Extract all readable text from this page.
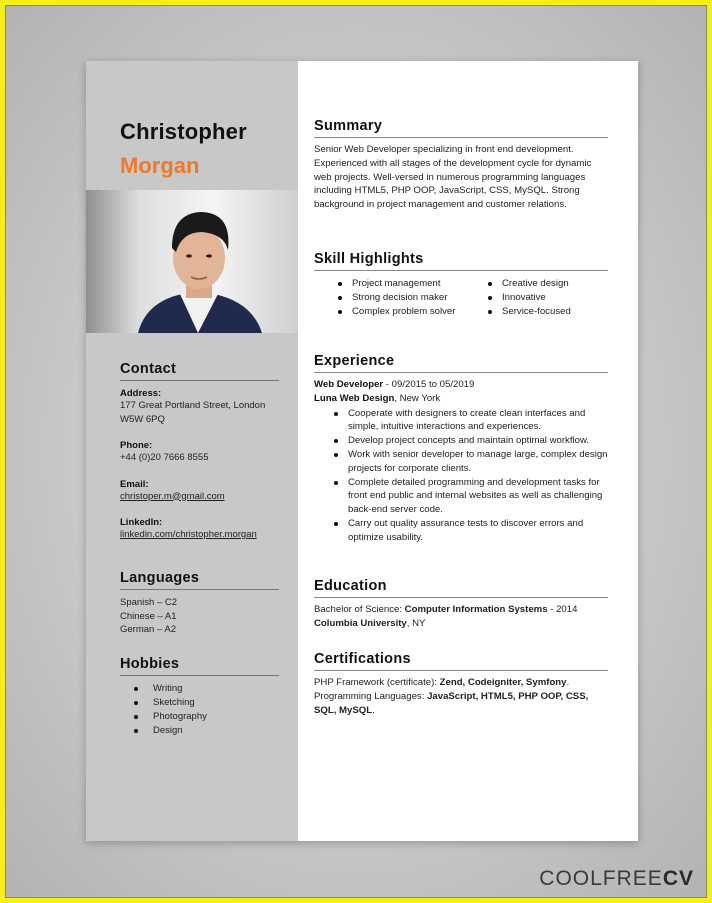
Christopher
Morgan
Contact
Address:
177 Great Portland Street, London
W5W 6PQ
Phone:
+44 (0)20 7666 8555
Email:
christoper.m@gmail.com
LinkedIn:
linkedin.com/christopher.morgan
Languages
Spanish – C2
Chinese – A1
German – A2
Hobbies
Writing
Sketching
Photography
Design
Summary
Senior Web Developer specializing in front end development. Experienced with all stages of the development cycle for dynamic web projects. Well-versed in numerous programming languages including HTML5, PHP OOP, JavaScript, CSS, MySQL. Strong background in project management and customer relations.
Skill Highlights
Project management
Strong decision maker
Complex problem solver
Creative design
Innovative
Service-focused
Experience
Web Developer - 09/2015 to 05/2019
Luna Web Design, New York
Cooperate with designers to create clean interfaces and simple, intuitive interactions and experiences.
Develop project concepts and maintain optimal workflow.
Work with senior developer to manage large, complex design projects for corporate clients.
Complete detailed programming and development tasks for front end public and internal websites as well as challenging back-end server code.
Carry out quality assurance tests to discover errors and optimize usability.
Education
Bachelor of Science: Computer Information Systems - 2014
Columbia University, NY
Certifications
PHP Framework (certificate): Zend, Codeigniter, Symfony.
Programming Languages: JavaScript, HTML5, PHP OOP, CSS, SQL, MySQL.
COOLFREECV
